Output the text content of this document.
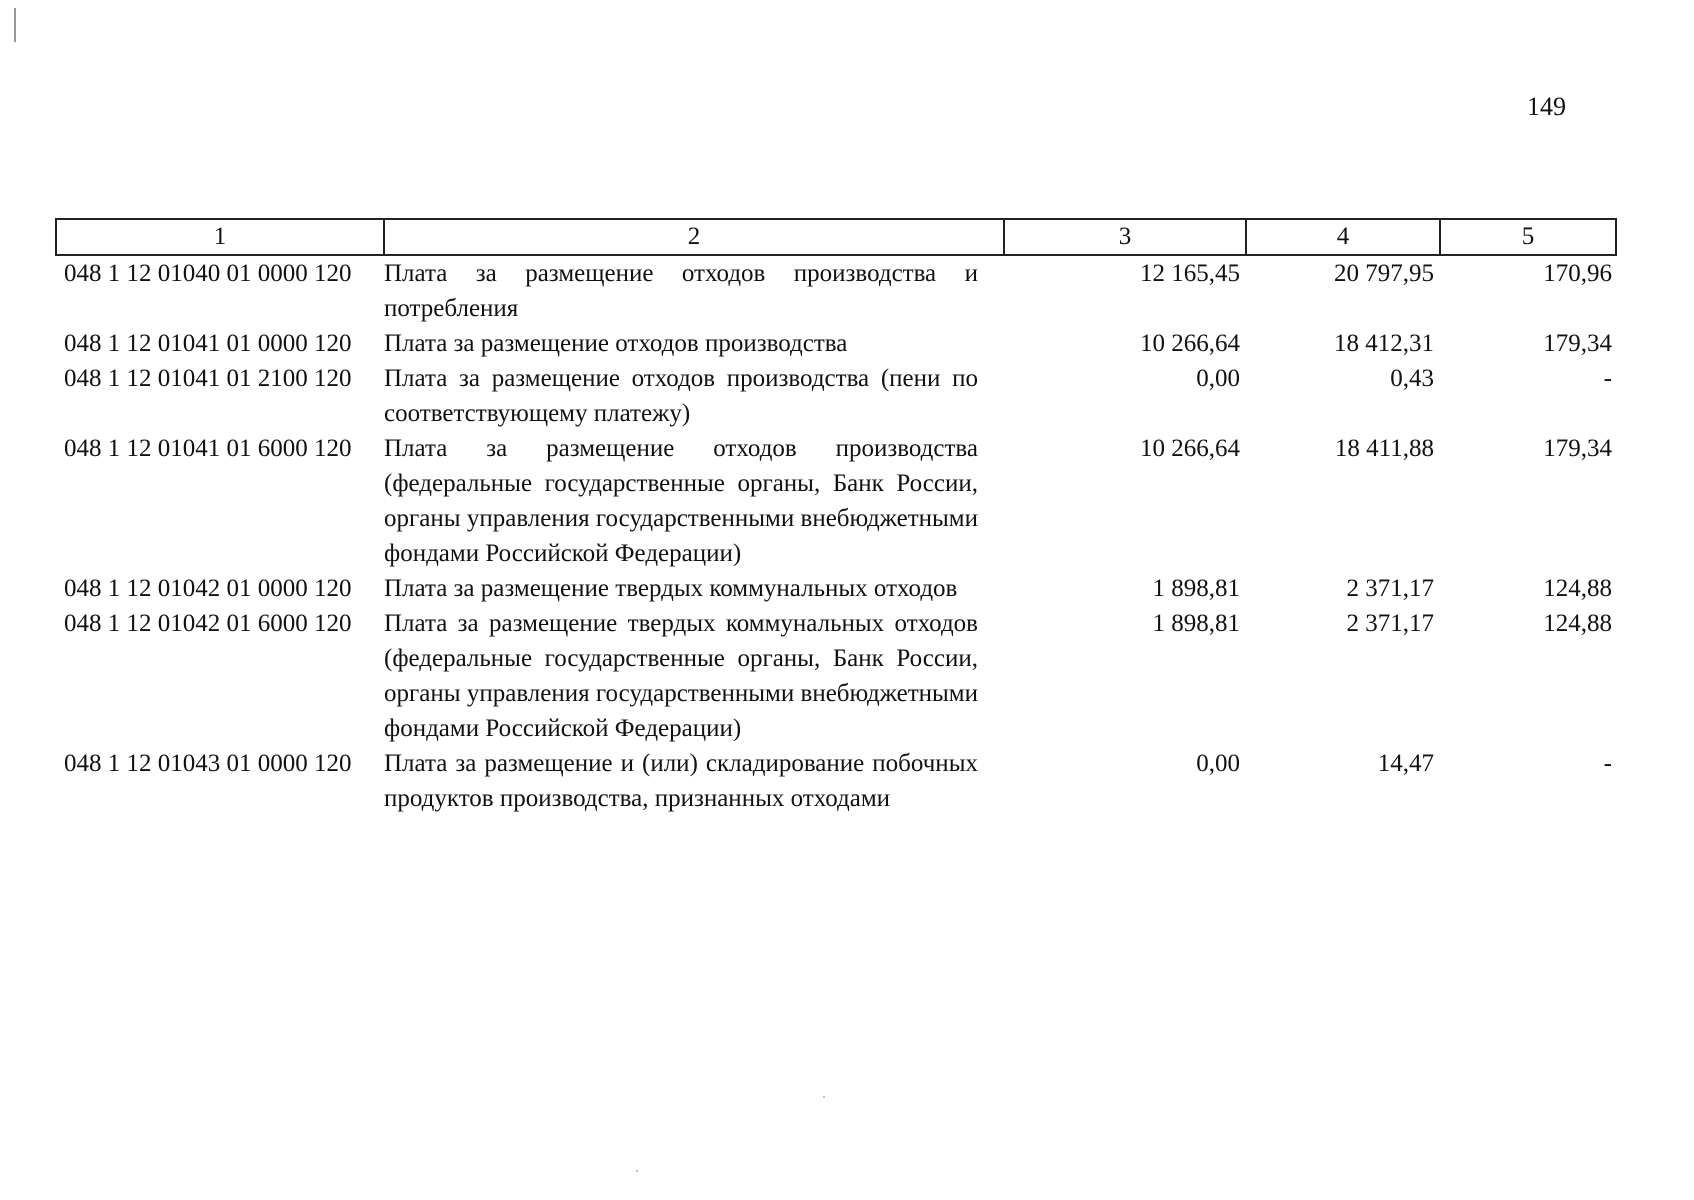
149
1	2	3	4	5
048 1 12 01040 01 0000 120	Плата за размещение отходов производства и потребления	12 165,45	20 797,95	170,96
048 1 12 01041 01 0000 120	Плата за размещение отходов производства	10 266,64	18 412,31	179,34
048 1 12 01041 01 2100 120	Плата за размещение отходов производства (пени по соответствующему платежу)	0,00	0,43	-
048 1 12 01041 01 6000 120	Плата за размещение отходов производства (федеральные государственные органы, Банк России, органы управления государственными внебюджетными фондами Российской Федерации)	10 266,64	18 411,88	179,34
048 1 12 01042 01 0000 120	Плата за размещение твердых коммунальных отходов	1 898,81	2 371,17	124,88
048 1 12 01042 01 6000 120	Плата за размещение твердых коммунальных отходов (федеральные государственные органы, Банк России, органы управления государственными внебюджетными фондами Российской Федерации)	1 898,81	2 371,17	124,88
048 1 12 01043 01 0000 120	Плата за размещение и (или) складирование побочных продуктов производства, признанных отходами	0,00	14,47	-
